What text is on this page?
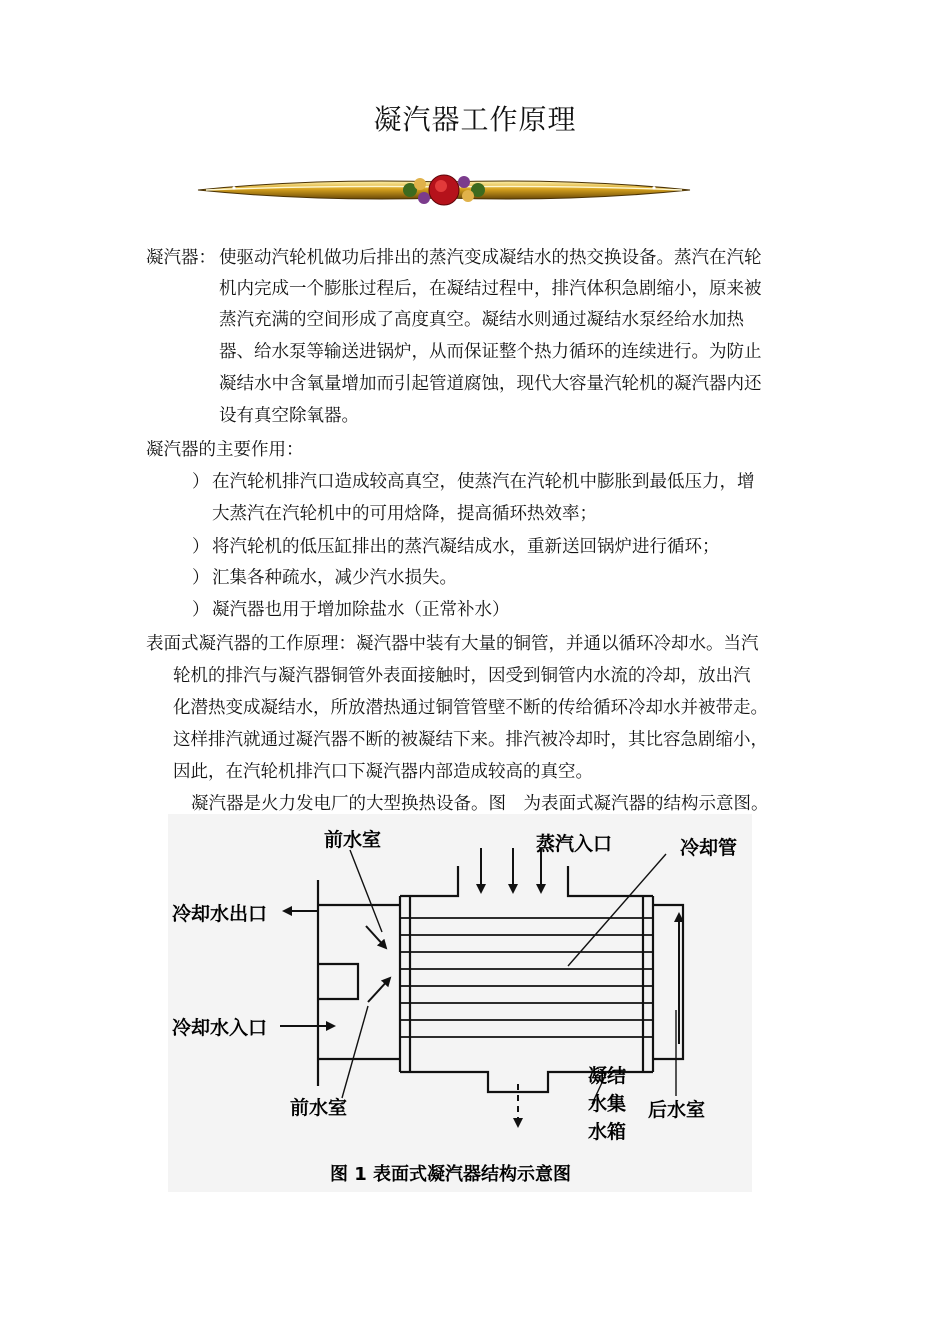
凝汽器工作原理
凝汽器： 使驱动汽轮机做功后排出的蒸汽变成凝结水的热交换设备。蒸汽在汽轮
机内完成一个膨胀过程后，在凝结过程中，排汽体积急剧缩小，原来被
蒸汽充满的空间形成了高度真空。凝结水则通过凝结水泵经给水加热
器、给水泵等输送进锅炉，从而保证整个热力循环的连续进行。为防止
凝结水中含氧量增加而引起管道腐蚀，现代大容量汽轮机的凝汽器内还
设有真空除氧器。
凝汽器的主要作用：
） 在汽轮机排汽口造成较高真空，使蒸汽在汽轮机中膨胀到最低压力，增
大蒸汽在汽轮机中的可用焓降，提高循环热效率；
） 将汽轮机的低压缸排出的蒸汽凝结成水，重新送回锅炉进行循环；
） 汇集各种疏水，减少汽水损失。
） 凝汽器也用于增加除盐水（正常补水）
表面式凝汽器的工作原理：凝汽器中装有大量的铜管，并通以循环冷却水。当汽
轮机的排汽与凝汽器铜管外表面接触时，因受到铜管内水流的冷却，放出汽
化潜热变成凝结水，所放潜热通过铜管管壁不断的传给循环冷却水并被带走。
这样排汽就通过凝汽器不断的被凝结下来。排汽被冷却时，其比容急剧缩小，
因此，在汽轮机排汽口下凝汽器内部造成较高的真空。
凝汽器是火力发电厂的大型换热设备。图　为表面式凝汽器的结构示意图。
前水室	蒸汽入口	冷却管
冷却水出口
冷却水入口
前水室
凝结
水集
水箱
后水室
图 1 表面式凝汽器结构示意图
